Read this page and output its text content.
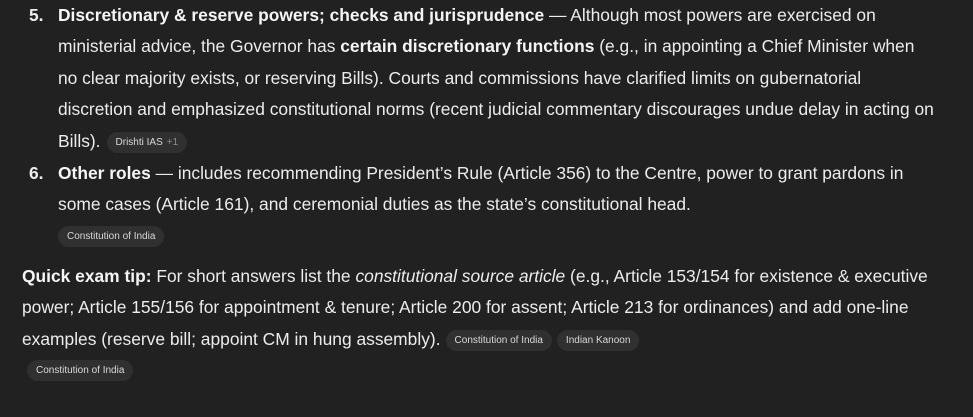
5. Discretionary & reserve powers; checks and jurisprudence — Although most powers are exercised on ministerial advice, the Governor has certain discretionary functions (e.g., in appointing a Chief Minister when no clear majority exists, or reserving Bills). Courts and commissions have clarified limits on gubernatorial discretion and emphasized constitutional norms (recent judicial commentary discourages undue delay in acting on Bills). Drishti IAS +1
6. Other roles — includes recommending President’s Rule (Article 356) to the Centre, power to grant pardons in some cases (Article 161), and ceremonial duties as the state’s constitutional head.
Constitution of India
Quick exam tip: For short answers list the constitutional source article (e.g., Article 153/154 for existence & executive power; Article 155/156 for appointment & tenure; Article 200 for assent; Article 213 for ordinances) and add one-line examples (reserve bill; appoint CM in hung assembly). Constitution of India Indian Kanoon
Constitution of India
